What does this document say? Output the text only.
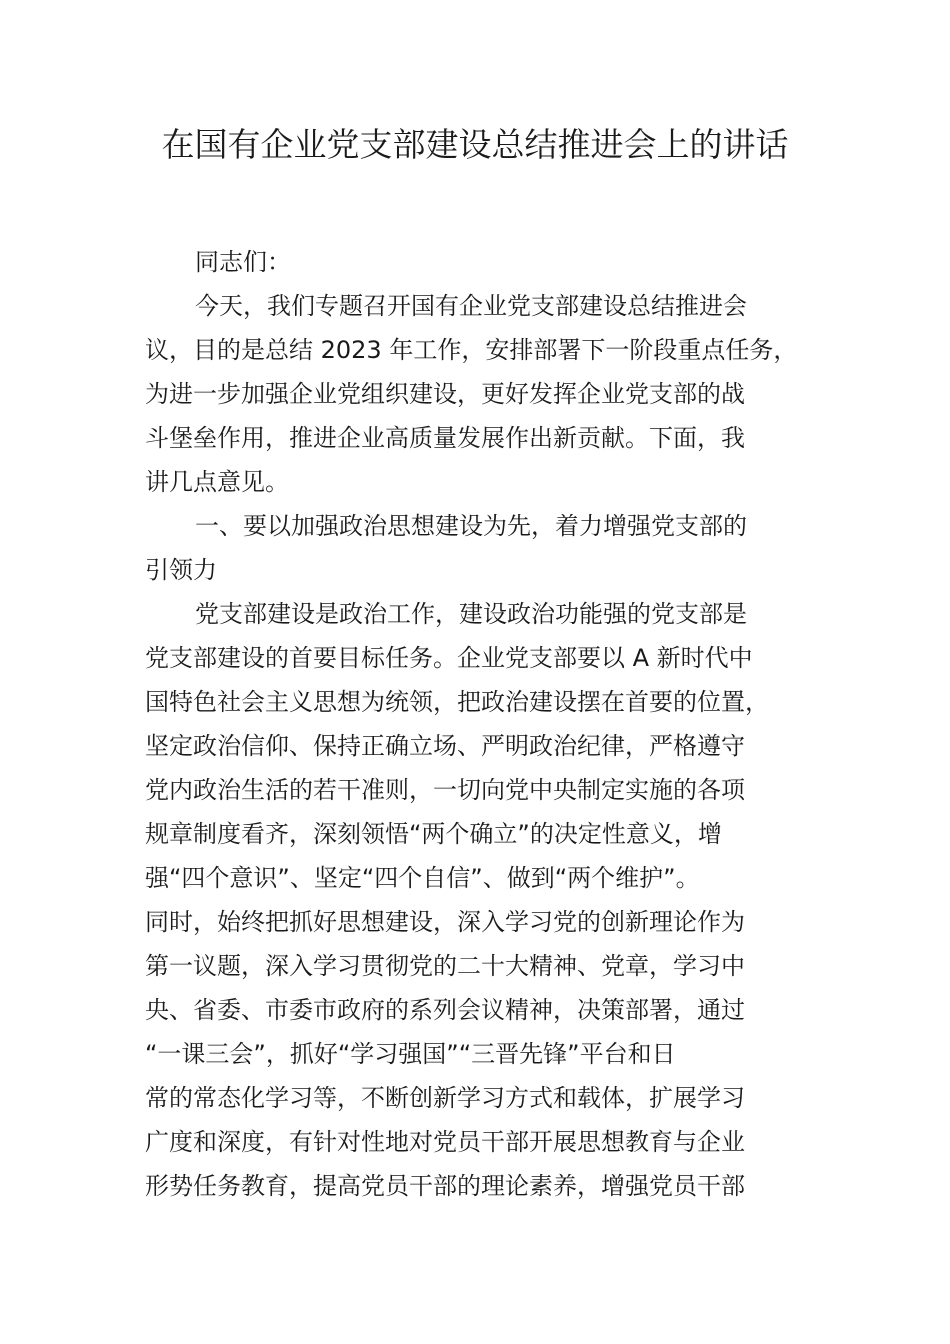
在国有企业党支部建设总结推进会上的讲话

同志们：

今天，我们专题召开国有企业党支部建设总结推进会

议，目的是总结 2023 年工作，安排部署下一阶段重点任务，

为进一步加强企业党组织建设，更好发挥企业党支部的战

斗堡垒作用，推进企业高质量发展作出新贡献。下面，我

讲几点意见。

一、要以加强政治思想建设为先，着力增强党支部的

引领力

党支部建设是政治工作，建设政治功能强的党支部是

党支部建设的首要目标任务。企业党支部要以 A 新时代中

国特色社会主义思想为统领，把政治建设摆在首要的位置，

坚定政治信仰、保持正确立场、严明政治纪律，严格遵守

党内政治生活的若干准则，一切向党中央制定实施的各项

规章制度看齐，深刻领悟“两个确立”的决定性意义，增

强“四个意识”、坚定“四个自信”、做到“两个维护”。

同时，始终把抓好思想建设，深入学习党的创新理论作为

第一议题，深入学习贯彻党的二十大精神、党章，学习中

央、省委、市委市政府的系列会议精神，决策部署，通过

“一课三会”，抓好“学习强国”“三晋先锋”平台和日

常的常态化学习等，不断创新学习方式和载体，扩展学习

广度和深度，有针对性地对党员干部开展思想教育与企业

形势任务教育，提高党员干部的理论素养，增强党员干部
